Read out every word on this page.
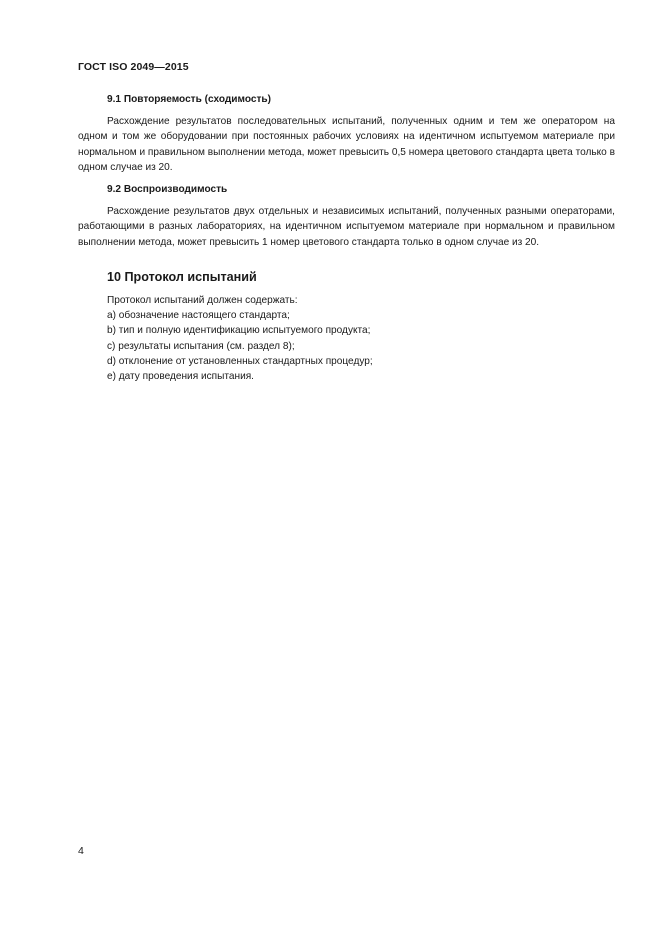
ГОСТ ISO 2049—2015
9.1 Повторяемость (сходимость)

Расхождение результатов последовательных испытаний, полученных одним и тем же оператором на одном и том же оборудовании при постоянных рабочих условиях на идентичном испытуемом материале при нормальном и правильном выполнении метода, может превысить 0,5 номера цветового стандарта цвета только в одном случае из 20.

9.2 Воспроизводимость

Расхождение результатов двух отдельных и независимых испытаний, полученных разными операторами, работающими в разных лабораториях, на идентичном испытуемом материале при нормальном и правильном выполнении метода, может превысить 1 номер цветового стандарта только в одном случае из 20.

10 Протокол испытаний
Протокол испытаний должен содержать:
a) обозначение настоящего стандарта;
b) тип и полную идентификацию испытуемого продукта;
c) результаты испытания (см. раздел 8);
d) отклонение от установленных стандартных процедур;
e) дату проведения испытания.
4
